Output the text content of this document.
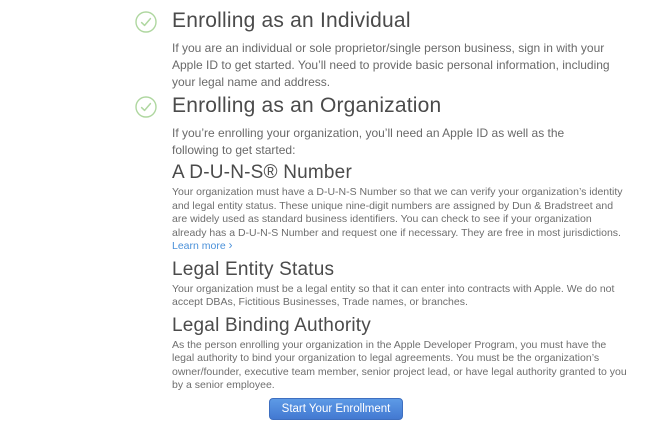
Enrolling as an Individual

If you are an individual or sole proprietor/single person business, sign in with your Apple ID to get started. You’ll need to provide basic personal information, including your legal name and address.

Enrolling as an Organization

If you’re enrolling your organization, you’ll need an Apple ID as well as the following to get started:

A D-U-N-S® Number

Your organization must have a D-U-N-S Number so that we can verify your organization’s identity and legal entity status. These unique nine-digit numbers are assigned by Dun & Bradstreet and are widely used as standard business identifiers. You can check to see if your organization already has a D-U-N-S Number and request one if necessary. They are free in most jurisdictions. Learn more ›

Legal Entity Status

Your organization must be a legal entity so that it can enter into contracts with Apple. We do not accept DBAs, Fictitious Businesses, Trade names, or branches.

Legal Binding Authority

As the person enrolling your organization in the Apple Developer Program, you must have the legal authority to bind your organization to legal agreements. You must be the organization’s owner/founder, executive team member, senior project lead, or have legal authority granted to you by a senior employee.

Start Your Enrollment
